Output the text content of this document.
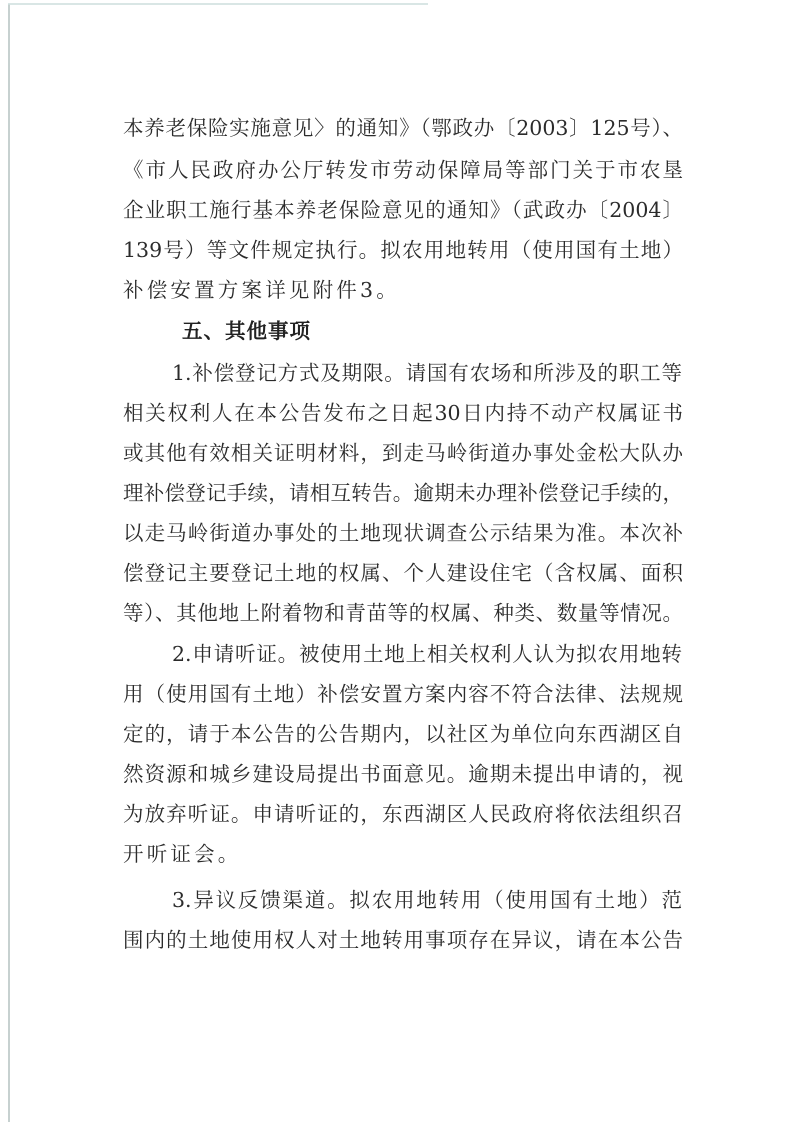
本养老保险实施意见〉的通知》（鄂政办〔2003〕125号）、
《市人民政府办公厅转发市劳动保障局等部门关于市农垦
企业职工施行基本养老保险意见的通知》（武政办〔2004〕
139号）等文件规定执行。拟农用地转用（使用国有土地）
补偿安置方案详见附件3。
五、其他事项
1.补偿登记方式及期限。请国有农场和所涉及的职工等
相关权利人在本公告发布之日起30日内持不动产权属证书
或其他有效相关证明材料，到走马岭街道办事处金松大队办
理补偿登记手续，请相互转告。逾期未办理补偿登记手续的，
以走马岭街道办事处的土地现状调查公示结果为准。本次补
偿登记主要登记土地的权属、个人建设住宅（含权属、面积
等）、其他地上附着物和青苗等的权属、种类、数量等情况。
2.申请听证。被使用土地上相关权利人认为拟农用地转
用（使用国有土地）补偿安置方案内容不符合法律、法规规
定的，请于本公告的公告期内，以社区为单位向东西湖区自
然资源和城乡建设局提出书面意见。逾期未提出申请的，视
为放弃听证。申请听证的，东西湖区人民政府将依法组织召
开听证会。
3.异议反馈渠道。拟农用地转用（使用国有土地）范
围内的土地使用权人对土地转用事项存在异议，请在本公告
